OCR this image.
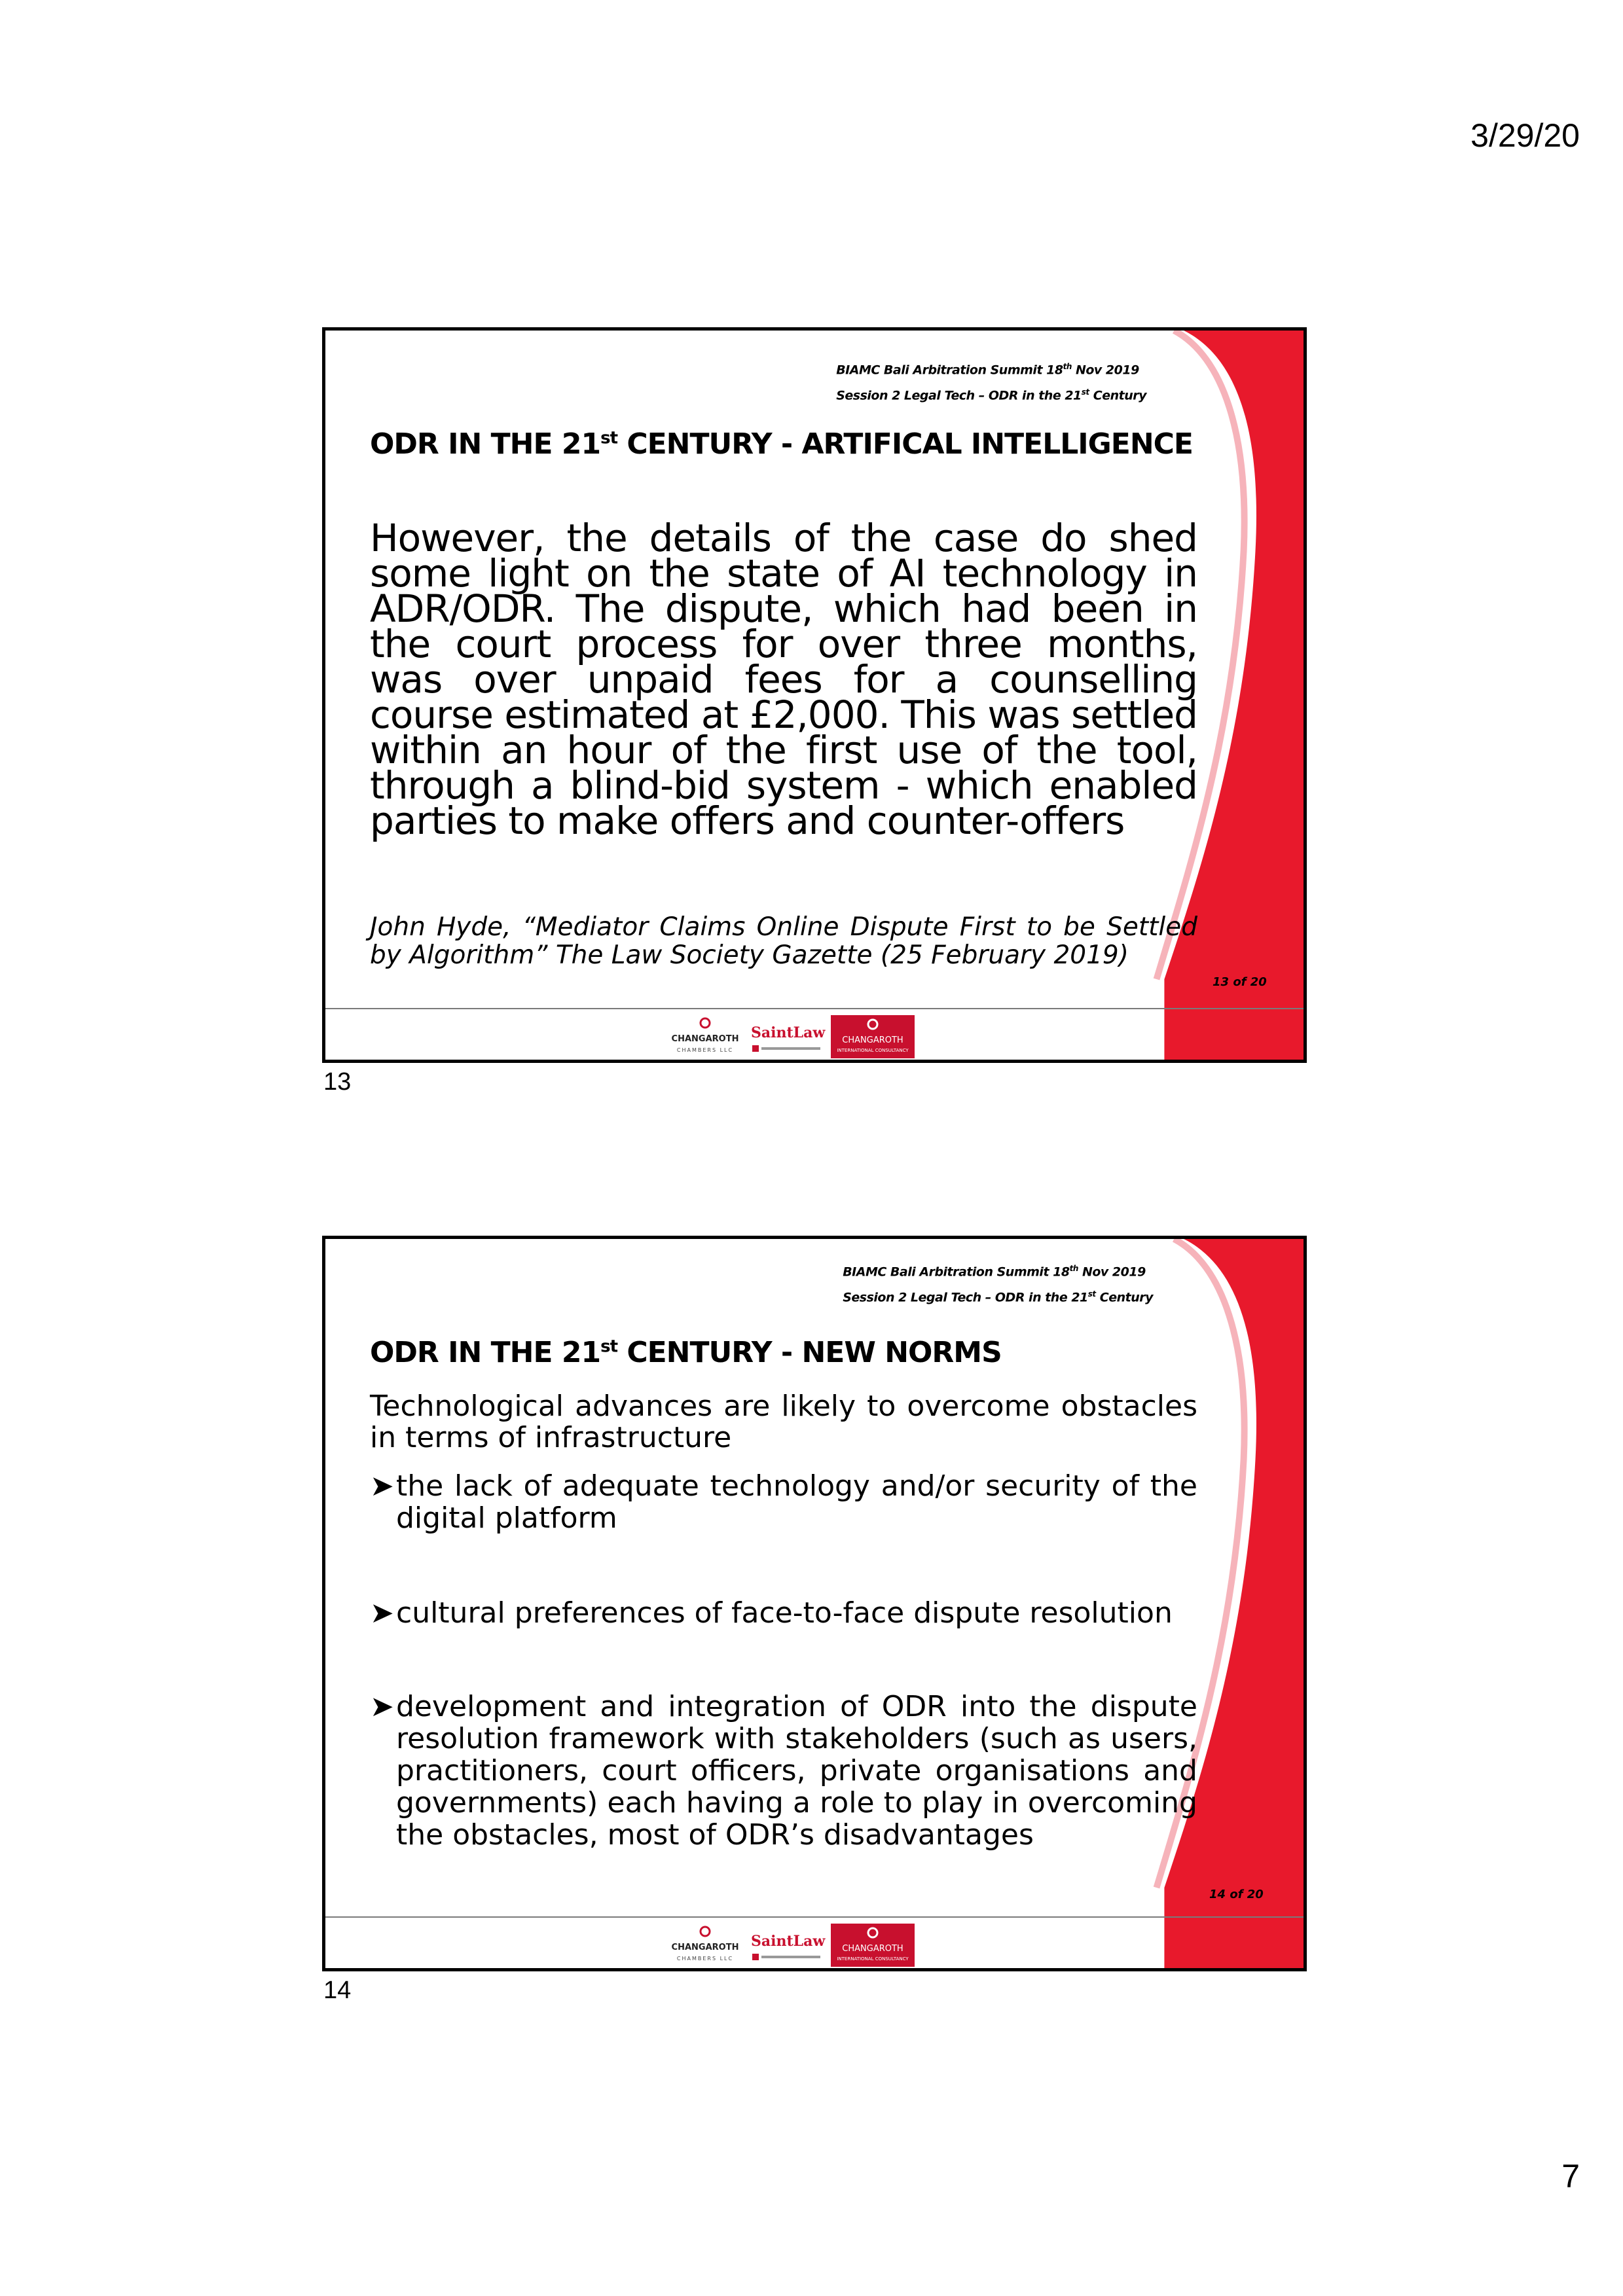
3/29/20
BIAMC Bali Arbitration Summit 18th Nov 2019
Session 2 Legal Tech – ODR in the 21st Century
ODR IN THE 21st CENTURY - ARTIFICAL INTELLIGENCE
However, the details of the case do shed some light on the state of AI technology in ADR/ODR. The dispute, which had been in the court process for over three months, was over unpaid fees for a counselling course estimated at £2,000. This was settled within an hour of the first use of the tool, through a blind-bid system - which enabled parties to make offers and counter-offers
John Hyde, “Mediator Claims Online Dispute First to be Settled by Algorithm” The Law Society Gazette (25 February 2019)
13 of 20
CHANGAROTH
CHAMBERS LLC
SaintLaw CHANGAROTH
INTERNATIONAL CONSULTANCY
13
BIAMC Bali Arbitration Summit 18th Nov 2019
Session 2 Legal Tech – ODR in the 21st Century
ODR IN THE 21st CENTURY - NEW NORMS
Technological advances are likely to overcome obstacles in terms of infrastructure
➤ the lack of adequate technology and/or security of the digital platform
➤ cultural preferences of face-to-face dispute resolution
➤ development and integration of ODR into the dispute resolution framework with stakeholders (such as users, practitioners, court officers, private organisations and governments) each having a role to play in overcoming the obstacles, most of ODR’s disadvantages
14 of 20
CHANGAROTH
CHAMBERS LLC
SaintLaw CHANGAROTH
INTERNATIONAL CONSULTANCY
14
7
